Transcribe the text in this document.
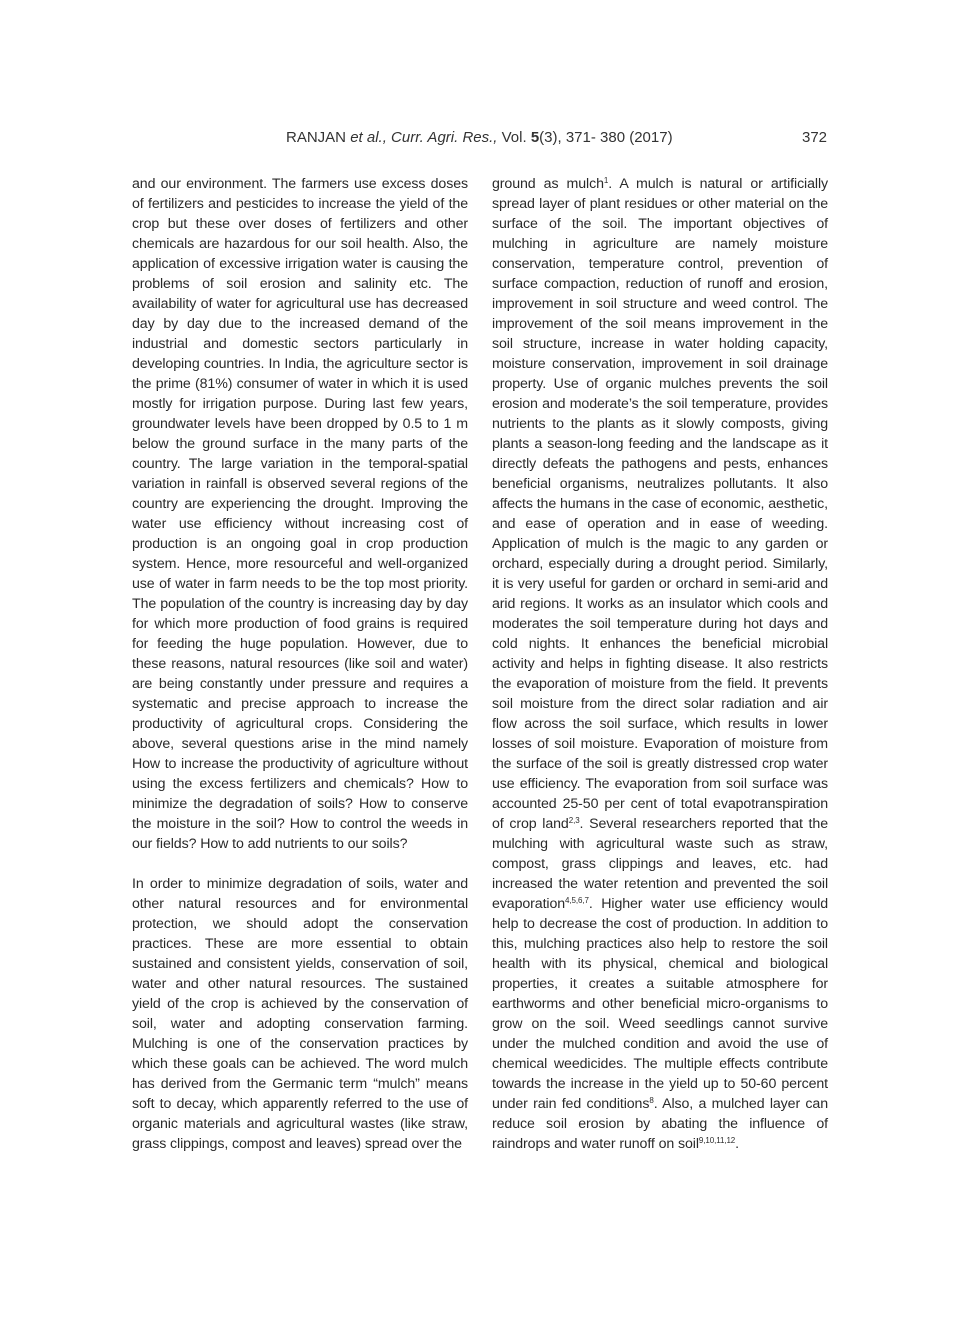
RANJAN et al., Curr. Agri. Res., Vol. 5(3), 371- 380 (2017)	372

and our environment. The farmers use excess doses of fertilizers and pesticides to increase the yield of the crop but these over doses of fertilizers and other chemicals are hazardous for our soil health. Also, the application of excessive irrigation water is causing the problems of soil erosion and salinity etc. The availability of water for agricultural use has decreased day by day due to the increased demand of the industrial and domestic sectors particularly in developing countries. In India, the agriculture sector is the prime (81%) consumer of water in which it is used mostly for irrigation purpose. During last few years, groundwater levels have been dropped by 0.5 to 1 m below the ground surface in the many parts of the country. The large variation in the temporal-spatial variation in rainfall is observed several regions of the country are experiencing the drought. Improving the water use efficiency without increasing cost of production is an ongoing goal in crop production system. Hence, more resourceful and well-organized use of water in farm needs to be the top most priority. The population of the country is increasing day by day for which more production of food grains is required for feeding the huge population. However, due to these reasons, natural resources (like soil and water) are being constantly under pressure and requires a systematic and precise approach to increase the productivity of agricultural crops. Considering the above, several questions arise in the mind namely How to increase the productivity of agriculture without using the excess fertilizers and chemicals? How to minimize the degradation of soils? How to conserve the moisture in the soil? How to control the weeds in our fields? How to add nutrients to our soils?

In order to minimize degradation of soils, water and other natural resources and for environmental protection, we should adopt the conservation practices. These are more essential to obtain sustained and consistent yields, conservation of soil, water and other natural resources. The sustained yield of the crop is achieved by the conservation of soil, water and adopting conservation farming. Mulching is one of the conservation practices by which these goals can be achieved. The word mulch has derived from the Germanic term “mulch” means soft to decay, which apparently referred to the use of organic materials and agricultural wastes (like straw, grass clippings, compost and leaves) spread over the

ground as mulch$^1$. A mulch is natural or artificially spread layer of plant residues or other material on the surface of the soil. The important objectives of mulching in agriculture are namely moisture conservation, temperature control, prevention of surface compaction, reduction of runoff and erosion, improvement in soil structure and weed control. The improvement of the soil means improvement in the soil structure, increase in water holding capacity, moisture conservation, improvement in soil drainage property. Use of organic mulches prevents the soil erosion and moderate’s the soil temperature, provides nutrients to the plants as it slowly composts, giving plants a season-long feeding and the landscape as it directly defeats the pathogens and pests, enhances beneficial organisms, neutralizes pollutants. It also affects the humans in the case of economic, aesthetic, and ease of operation and in ease of weeding. Application of mulch is the magic to any garden or orchard, especially during a drought period. Similarly, it is very useful for garden or orchard in semi-arid and arid regions. It works as an insulator which cools and moderates the soil temperature during hot days and cold nights. It enhances the beneficial microbial activity and helps in fighting disease. It also restricts the evaporation of moisture from the field. It prevents soil moisture from the direct solar radiation and air flow across the soil surface, which results in lower losses of soil moisture. Evaporation of moisture from the surface of the soil is greatly distressed crop water use efficiency. The evaporation from soil surface was accounted 25-50 per cent of total evapotranspiration of crop land$^{2,3}$. Several researchers reported that the mulching with agricultural waste such as straw, compost, grass clippings and leaves, etc. had increased the water retention and prevented the soil evaporation$^{4,5,6,7}$. Higher water use efficiency would help to decrease the cost of production. In addition to this, mulching practices also help to restore the soil health with its physical, chemical and biological properties, it creates a suitable atmosphere for earthworms and other beneficial micro-organisms to grow on the soil. Weed seedlings cannot survive under the mulched condition and avoid the use of chemical weedicides. The multiple effects contribute towards the increase in the yield up to 50-60 percent under rain fed conditions$^8$. Also, a mulched layer can reduce soil erosion by abating the influence of raindrops and water runoff on soil$^{9,10,11,12}$.
